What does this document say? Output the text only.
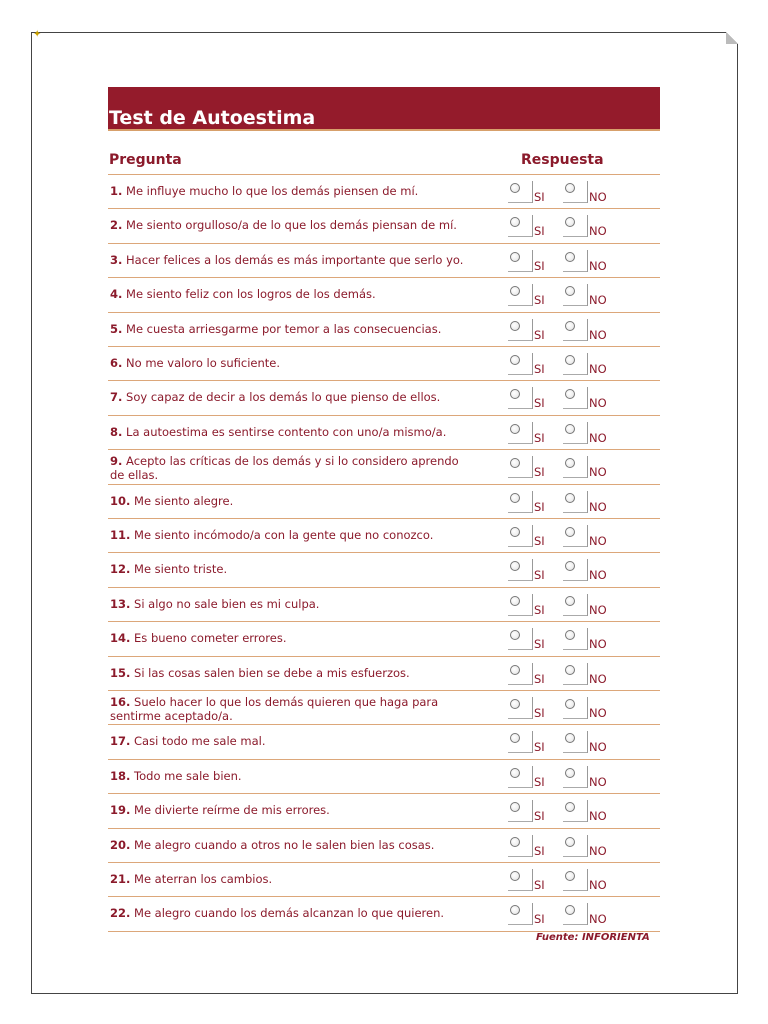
✦
Test de Autoestima
Pregunta	Respuesta
1. Me influye mucho lo que los demás piensen de mí.	SI	NO
2. Me siento orgulloso/a de lo que los demás piensan de mí.	SI	NO
3. Hacer felices a los demás es más importante que serlo yo.	SI	NO
4. Me siento feliz con los logros de los demás.	SI	NO
5. Me cuesta arriesgarme por temor a las consecuencias.	SI	NO
6. No me valoro lo suficiente.	SI	NO
7. Soy capaz de decir a los demás lo que pienso de ellos.	SI	NO
8. La autoestima es sentirse contento con uno/a mismo/a.	SI	NO
9. Acepto las críticas de los demás y si lo considero aprendo de ellas.	SI	NO
10. Me siento alegre.	SI	NO
11. Me siento incómodo/a con la gente que no conozco.	SI	NO
12. Me siento triste.	SI	NO
13. Si algo no sale bien es mi culpa.	SI	NO
14. Es bueno cometer errores.	SI	NO
15. Si las cosas salen bien se debe a mis esfuerzos.	SI	NO
16. Suelo hacer lo que los demás quieren que haga para sentirme aceptado/a.	SI	NO
17. Casi todo me sale mal.	SI	NO
18. Todo me sale bien.	SI	NO
19. Me divierte reírme de mis errores.	SI	NO
20. Me alegro cuando a otros no le salen bien las cosas.	SI	NO
21. Me aterran los cambios.	SI	NO
22. Me alegro cuando los demás alcanzan lo que quieren.	SI	NO
Fuente: INFORIENTA
